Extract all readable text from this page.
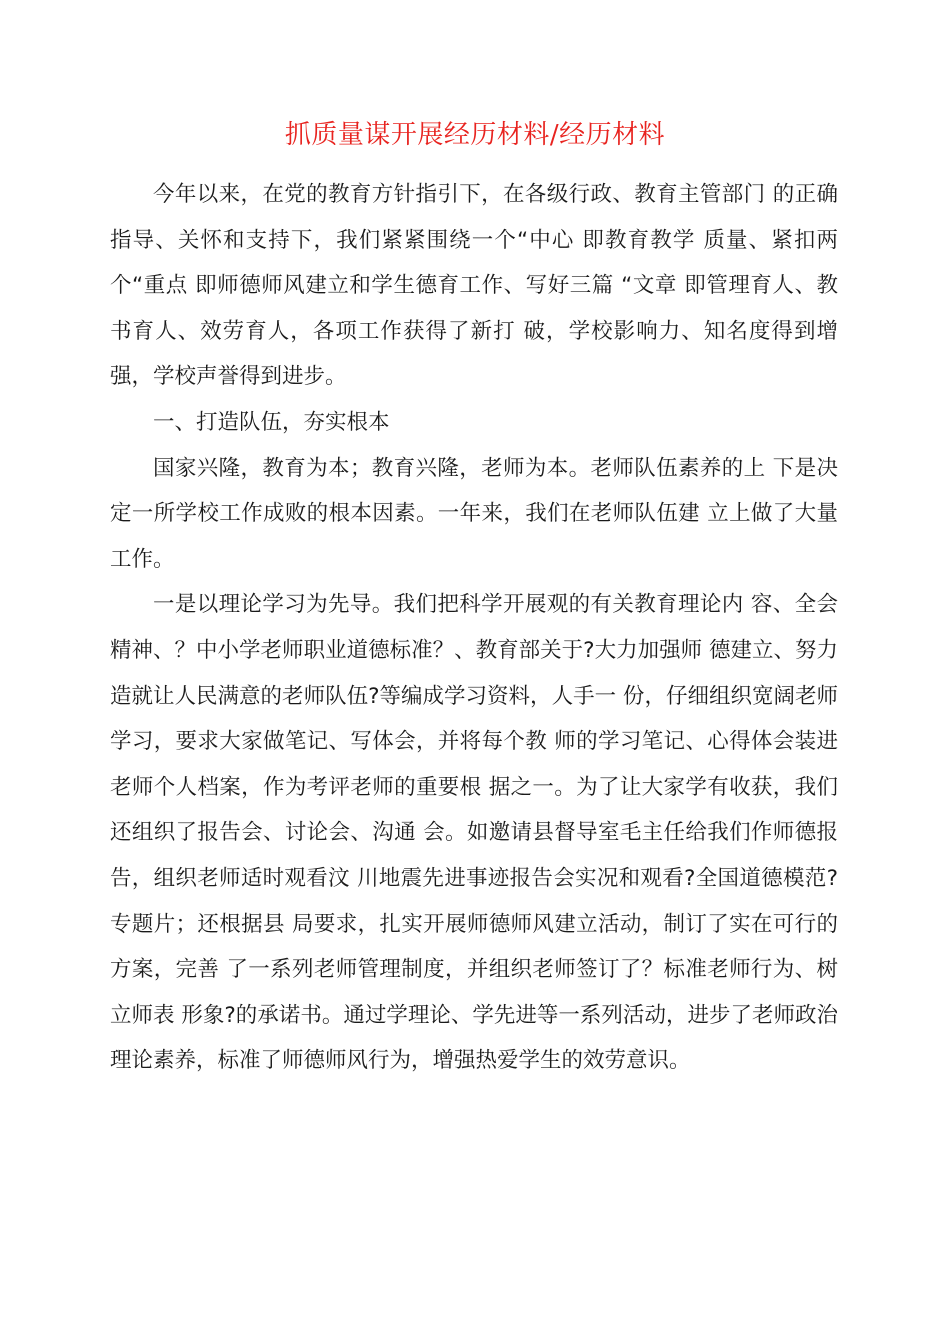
抓质量谋开展经历材料/经历材料

今年以来，在党的教育方针指引下，在各级行政、教育主管部门 的正确指导、关怀和支持下，我们紧紧围绕一个“中心 即教育教学 质量、紧扣两个“重点 即师德师风建立和学生德育工作、写好三篇 “文章 即管理育人、教书育人、效劳育人，各项工作获得了新打 破，学校影响力、知名度得到增强，学校声誉得到进步。

一、打造队伍，夯实根本

国家兴隆，教育为本；教育兴隆，老师为本。老师队伍素养的上 下是决定一所学校工作成败的根本因素。一年来，我们在老师队伍建 立上做了大量工作。

一是以理论学习为先导。我们把科学开展观的有关教育理论内 容、全会精神、？中小学老师职业道德标准？、教育部关于?大力加强师 德建立、努力造就让人民满意的老师队伍?等编成学习资料，人手一 份，仔细组织宽阔老师学习，要求大家做笔记、写体会，并将每个教 师的学习笔记、心得体会装进老师个人档案，作为考评老师的重要根 据之一。为了让大家学有收获，我们还组织了报告会、讨论会、沟通 会。如邀请县督导室毛主任给我们作师德报告，组织老师适时观看汶 川地震先进事迹报告会实况和观看?全国道德模范?专题片；还根据县 局要求，扎实开展师德师风建立活动，制订了实在可行的方案，完善 了一系列老师管理制度，并组织老师签订了？标准老师行为、树立师表 形象?的承诺书。通过学理论、学先进等一系列活动，进步了老师政治 理论素养，标准了师德师风行为，增强热爱学生的效劳意识。
